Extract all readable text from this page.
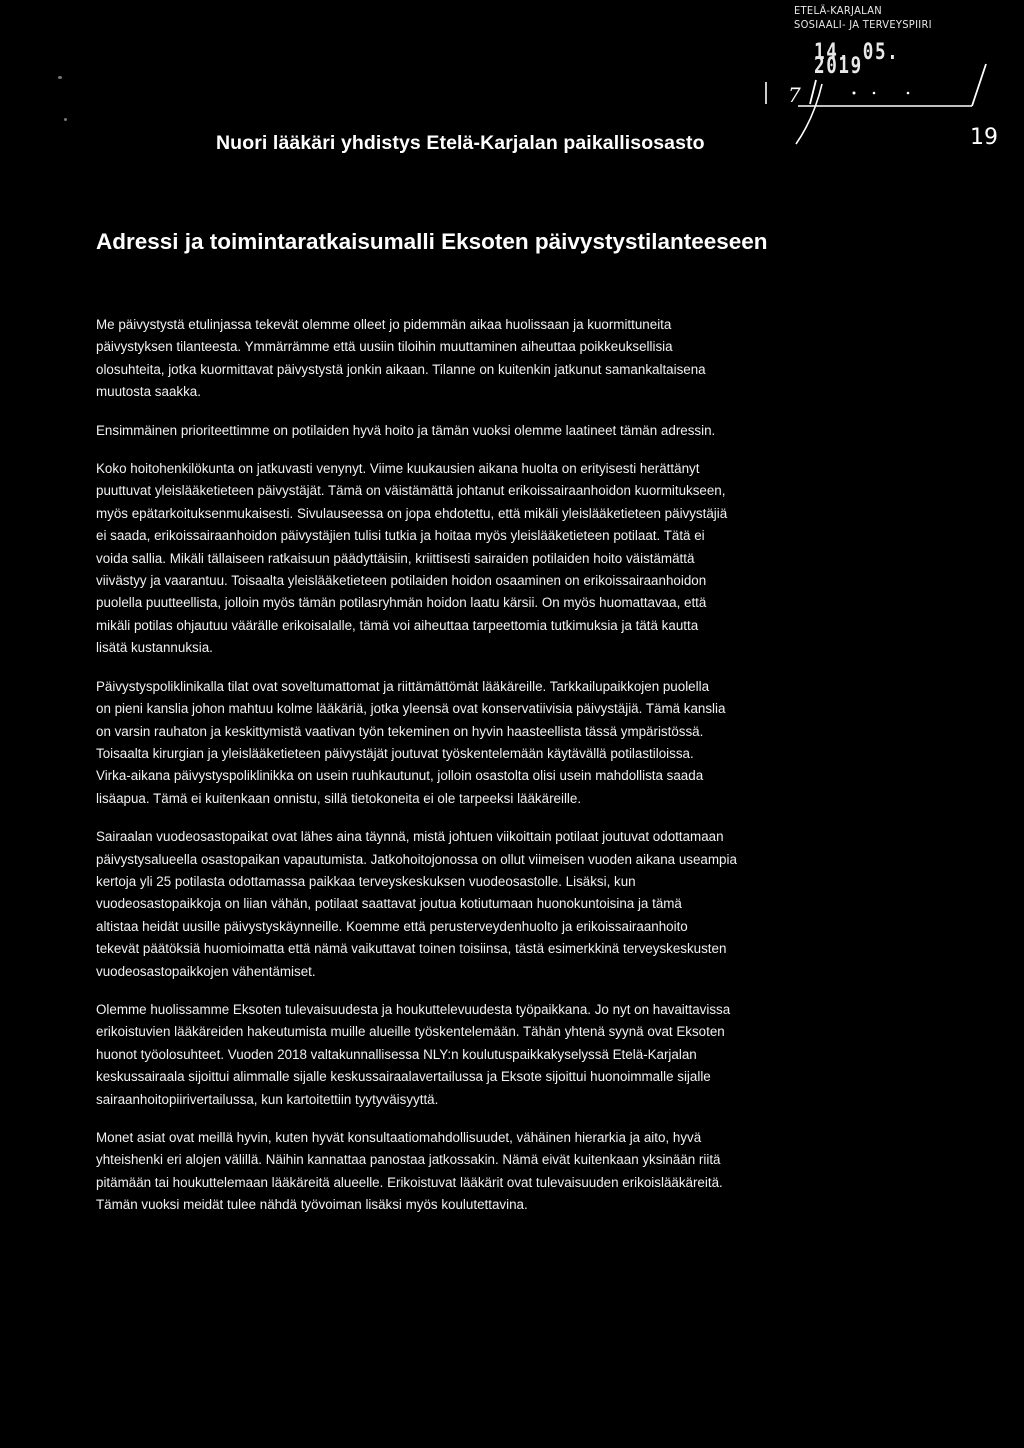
ETELÄ-KARJALAN
SOSIAALI- JA TERVEYSPIIRI
14. 05. 2019
7
19
Nuori lääkäri yhdistys Etelä-Karjalan paikallisosasto
Adressi ja toimintaratkaisumalli Eksoten päivystystilanteeseen

Me päivystystä etulinjassa tekevät olemme olleet jo pidemmän aikaa huolissaan ja kuormittuneita
päivystyksen tilanteesta. Ymmärrämme että uusiin tiloihin muuttaminen aiheuttaa poikkeuksellisia
olosuhteita, jotka kuormittavat päivystystä jonkin aikaan. Tilanne on kuitenkin jatkunut samankaltaisena
muutosta saakka.

Ensimmäinen prioriteettimme on potilaiden hyvä hoito ja tämän vuoksi olemme laatineet tämän adressin.

Koko hoitohenkilökunta on jatkuvasti venynyt. Viime kuukausien aikana huolta on erityisesti herättänyt
puuttuvat yleislääketieteen päivystäjät. Tämä on väistämättä johtanut erikoissairaanhoidon kuormitukseen,
myös epätarkoituksenmukaisesti. Sivulauseessa on jopa ehdotettu, että mikäli yleislääketieteen päivystäjiä
ei saada, erikoissairaanhoidon päivystäjien tulisi tutkia ja hoitaa myös yleislääketieteen potilaat. Tätä ei
voida sallia. Mikäli tällaiseen ratkaisuun päädyttäisiin, kriittisesti sairaiden potilaiden hoito väistämättä
viivästyy ja vaarantuu. Toisaalta yleislääketieteen potilaiden hoidon osaaminen on erikoissairaanhoidon
puolella puutteellista, jolloin myös tämän potilasryhmän hoidon laatu kärsii. On myös huomattavaa, että
mikäli potilas ohjautuu väärälle erikoisalalle, tämä voi aiheuttaa tarpeettomia tutkimuksia ja tätä kautta
lisätä kustannuksia.

Päivystyspoliklinikalla tilat ovat soveltumattomat ja riittämättömät lääkäreille. Tarkkailupaikkojen puolella
on pieni kanslia johon mahtuu kolme lääkäriä, jotka yleensä ovat konservatiivisia päivystäjiä. Tämä kanslia
on varsin rauhaton ja keskittymistä vaativan työn tekeminen on hyvin haasteellista tässä ympäristössä.
Toisaalta kirurgian ja yleislääketieteen päivystäjät joutuvat työskentelemään käytävällä potilastiloissa.
Virka-aikana päivystyspoliklinikka on usein ruuhkautunut, jolloin osastolta olisi usein mahdollista saada
lisäapua. Tämä ei kuitenkaan onnistu, sillä tietokoneita ei ole tarpeeksi lääkäreille.

Sairaalan vuodeosastopaikat ovat lähes aina täynnä, mistä johtuen viikoittain potilaat joutuvat odottamaan
päivystysalueella osastopaikan vapautumista. Jatkohoitojonossa on ollut viimeisen vuoden aikana useampia
kertoja yli 25 potilasta odottamassa paikkaa terveyskeskuksen vuodeosastolle. Lisäksi, kun
vuodeosastopaikkoja on liian vähän, potilaat saattavat joutua kotiutumaan huonokuntoisina ja tämä
altistaa heidät uusille päivystyskäynneille. Koemme että perusterveydenhuolto ja erikoissairaanhoito
tekevät päätöksiä huomioimatta että nämä vaikuttavat toinen toisiinsa, tästä esimerkkinä terveyskeskusten
vuodeosastopaikkojen vähentämiset.

Olemme huolissamme Eksoten tulevaisuudesta ja houkuttelevuudesta työpaikkana. Jo nyt on havaittavissa
erikoistuvien lääkäreiden hakeutumista muille alueille työskentelemään. Tähän yhtenä syynä ovat Eksoten
huonot työolosuhteet. Vuoden 2018 valtakunnallisessa NLY:n koulutuspaikkakyselyssä Etelä-Karjalan
keskussairaala sijoittui alimmalle sijalle keskussairaalavertailussa ja Eksote sijoittui huonoimmalle sijalle
sairaanhoitopiirivertailussa, kun kartoitettiin tyytyväisyyttä.

Monet asiat ovat meillä hyvin, kuten hyvät konsultaatiomahdollisuudet, vähäinen hierarkia ja aito, hyvä
yhteishenki eri alojen välillä. Näihin kannattaa panostaa jatkossakin. Nämä eivät kuitenkaan yksinään riitä
pitämään tai houkuttelemaan lääkäreitä alueelle. Erikoistuvat lääkärit ovat tulevaisuuden erikoislääkäreitä.
Tämän vuoksi meidät tulee nähdä työvoiman lisäksi myös koulutettavina.
